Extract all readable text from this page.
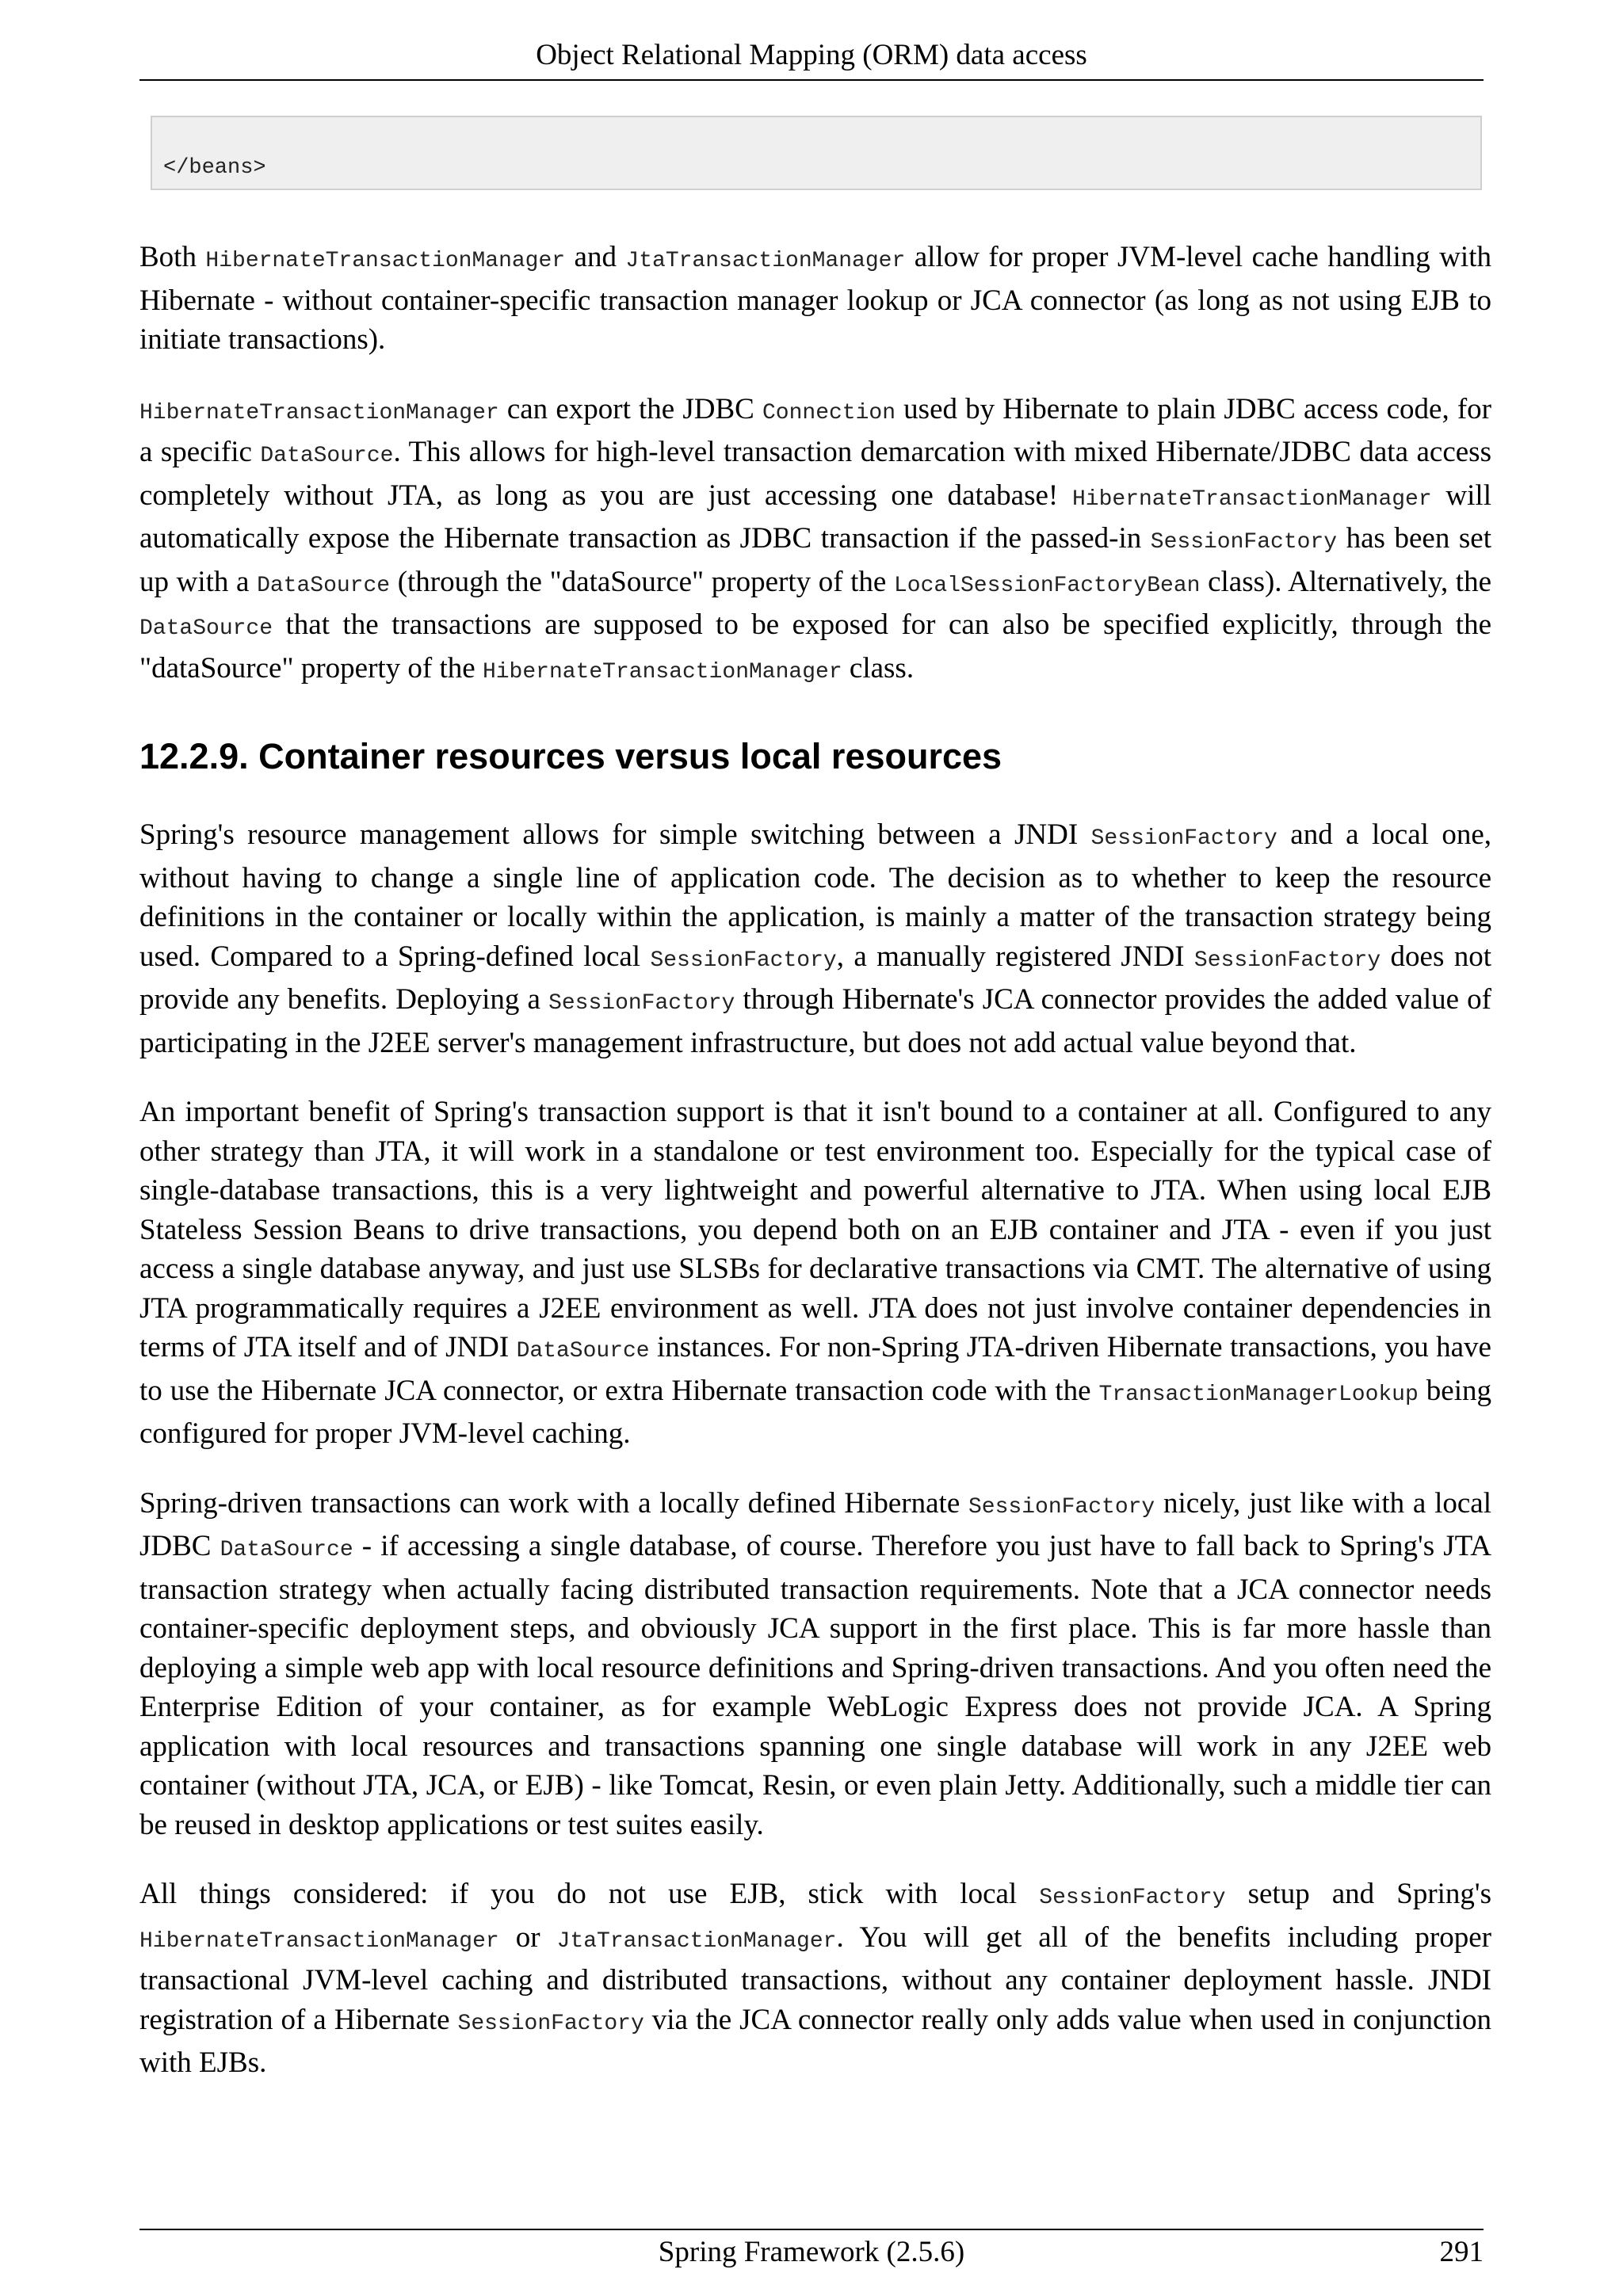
Object Relational Mapping (ORM) data access
</beans>

Both HibernateTransactionManager and JtaTransactionManager allow for proper JVM-level cache handling with Hibernate - without container-specific transaction manager lookup or JCA connector (as long as not using EJB to initiate transactions).

HibernateTransactionManager can export the JDBC Connection used by Hibernate to plain JDBC access code, for a specific DataSource. This allows for high-level transaction demarcation with mixed Hibernate/JDBC data access completely without JTA, as long as you are just accessing one database! HibernateTransactionManager will automatically expose the Hibernate transaction as JDBC transaction if the passed-in SessionFactory has been set up with a DataSource (through the "dataSource" property of the LocalSessionFactoryBean class). Alternatively, the DataSource that the transactions are supposed to be exposed for can also be specified explicitly, through the "dataSource" property of the HibernateTransactionManager class.

12.2.9. Container resources versus local resources

Spring's resource management allows for simple switching between a JNDI SessionFactory and a local one, without having to change a single line of application code. The decision as to whether to keep the resource definitions in the container or locally within the application, is mainly a matter of the transaction strategy being used. Compared to a Spring-defined local SessionFactory, a manually registered JNDI SessionFactory does not provide any benefits. Deploying a SessionFactory through Hibernate's JCA connector provides the added value of participating in the J2EE server's management infrastructure, but does not add actual value beyond that.

An important benefit of Spring's transaction support is that it isn't bound to a container at all. Configured to any other strategy than JTA, it will work in a standalone or test environment too. Especially for the typical case of single-database transactions, this is a very lightweight and powerful alternative to JTA. When using local EJB Stateless Session Beans to drive transactions, you depend both on an EJB container and JTA - even if you just access a single database anyway, and just use SLSBs for declarative transactions via CMT. The alternative of using JTA programmatically requires a J2EE environment as well. JTA does not just involve container dependencies in terms of JTA itself and of JNDI DataSource instances. For non-Spring JTA-driven Hibernate transactions, you have to use the Hibernate JCA connector, or extra Hibernate transaction code with the TransactionManagerLookup being configured for proper JVM-level caching.

Spring-driven transactions can work with a locally defined Hibernate SessionFactory nicely, just like with a local JDBC DataSource - if accessing a single database, of course. Therefore you just have to fall back to Spring's JTA transaction strategy when actually facing distributed transaction requirements. Note that a JCA connector needs container-specific deployment steps, and obviously JCA support in the first place. This is far more hassle than deploying a simple web app with local resource definitions and Spring-driven transactions. And you often need the Enterprise Edition of your container, as for example WebLogic Express does not provide JCA. A Spring application with local resources and transactions spanning one single database will work in any J2EE web container (without JTA, JCA, or EJB) - like Tomcat, Resin, or even plain Jetty. Additionally, such a middle tier can be reused in desktop applications or test suites easily.

All things considered: if you do not use EJB, stick with local SessionFactory setup and Spring's HibernateTransactionManager or JtaTransactionManager. You will get all of the benefits including proper transactional JVM-level caching and distributed transactions, without any container deployment hassle. JNDI registration of a Hibernate SessionFactory via the JCA connector really only adds value when used in conjunction with EJBs.

Spring Framework (2.5.6)	291
